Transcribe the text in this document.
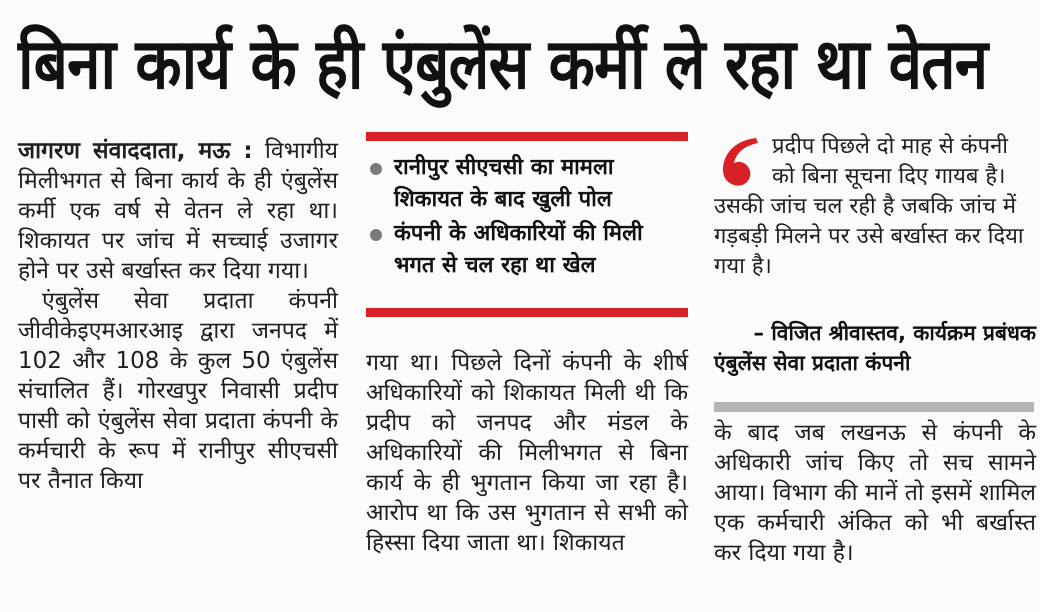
बिना कार्य के ही एंबुलेंस कर्मी ले रहा था वेतन

जागरण संवाददाता, मऊ : विभागीय मिलीभगत से बिना कार्य के ही एंबुलेंस कर्मी एक वर्ष से वेतन ले रहा था। शिकायत पर जांच में सच्चाई उजागर होने पर उसे बर्खास्त कर दिया गया।

एंबुलेंस सेवा प्रदाता कंपनी जीवीकेइएमआरआइ द्वारा जनपद में 102 और 108 के कुल 50 एंबुलेंस संचालित हैं। गोरखपुर निवासी प्रदीप पासी को एंबुलेंस सेवा प्रदाता कंपनी के कर्मचारी के रूप में रानीपुर सीएचसी पर तैनात किया

रानीपुर सीएचसी का मामला शिकायत के बाद खुली पोल
कंपनी के अधिकारियों की मिली भगत से चल रहा था खेल

गया था। पिछले दिनों कंपनी के शीर्ष अधिकारियों को शिकायत मिली थी कि प्रदीप को जनपद और मंडल के अधिकारियों की मिलीभगत से बिना कार्य के ही भुगतान किया जा रहा है। आरोप था कि उस भुगतान से सभी को हिस्सा दिया जाता था। शिकायत

प्रदीप पिछले दो माह से कंपनी को बिना सूचना दिए गायब है।

उसकी जांच चल रही है जबकि जांच में गड़बड़ी मिलने पर उसे बर्खास्त कर दिया गया है।

– विजित श्रीवास्तव, कार्यक्रम प्रबंधक

एंबुलेंस सेवा प्रदाता कंपनी

के बाद जब लखनऊ से कंपनी के अधिकारी जांच किए तो सच सामने आया। विभाग की मानें तो इसमें शामिल एक कर्मचारी अंकित को भी बर्खास्त कर दिया गया है।
